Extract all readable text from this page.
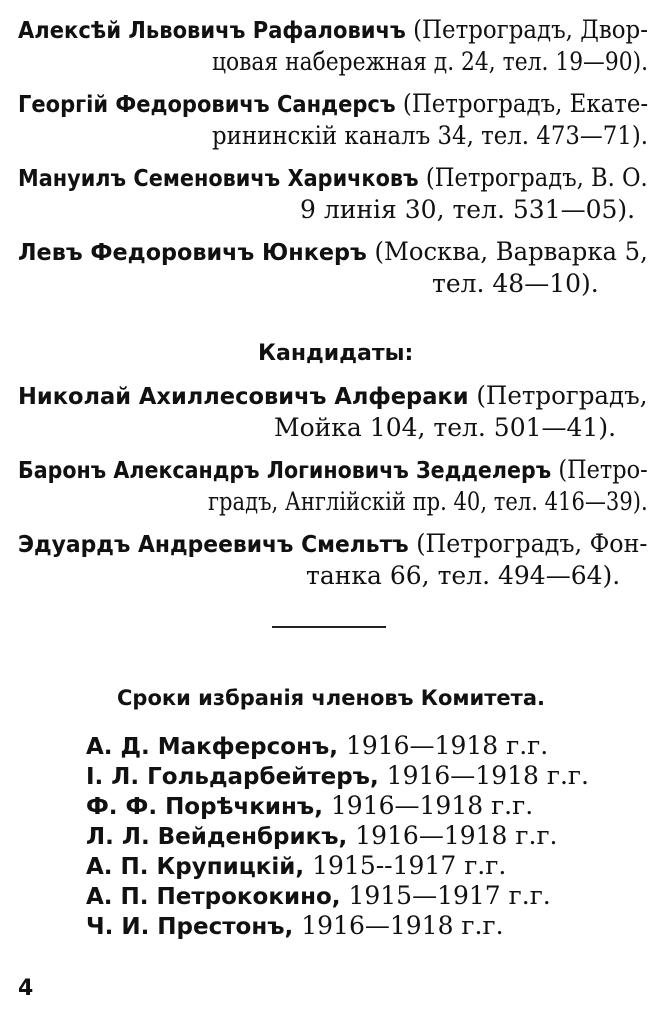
Алексѣй Львовичъ Рафаловичъ (Петроградъ, Двор-
цовая набережная д. 24, тел. 19—90).
Георгій Федоровичъ Сандерсъ (Петроградъ, Екате-
рининскій каналъ 34, тел. 473—71).
Мануилъ Семеновичъ Харичковъ (Петроградъ, В. О.
9 линія 30, тел. 531—05).
Левъ Федоровичъ Юнкеръ (Москва, Варварка 5,
тел. 48—10).
Кандидаты:
Николай Ахиллесовичъ Алфераки (Петроградъ,
Мойка 104, тел. 501—41).
Баронъ Александръ Логиновичъ Зедделеръ (Петро-
градъ, Англійскій пр. 40, тел. 416—39).
Эдуардъ Андреевичъ Смельтъ (Петроградъ, Фон-
танка 66, тел. 494—64).
Сроки избранія членовъ Комитета.
А. Д. Макферсонъ, 1916—1918 г.г.
І. Л. Гольдарбейтеръ, 1916—1918 г.г.
Ф. Ф. Порѣчкинъ, 1916—1918 г.г.
Л. Л. Вейденбрикъ, 1916—1918 г.г.
А. П. Крупицкій, 1915--1917 г.г.
А. П. Петрококино, 1915—1917 г.г.
Ч. И. Престонъ, 1916—1918 г.г.
4
